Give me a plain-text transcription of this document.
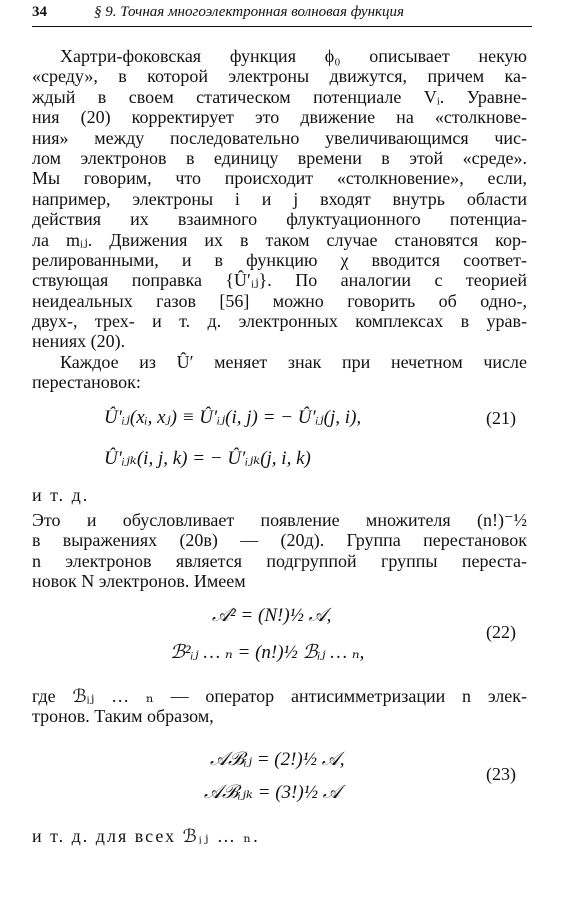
34	§ 9. Точная многоэлектронная волновая функция
Хартри-фоковская функция ϕ₀ описывает некую
«среду», в которой электроны движутся, причем ка-
ждый в своем статическом потенциале Vᵢ. Уравне-
ния (20) корректирует это движение на «столкнове-
ния» между последовательно увеличивающимся чис-
лом электронов в единицу времени в этой «среде».
Мы говорим, что происходит «столкновение», если,
например, электроны i и j входят внутрь области
действия их взаимного флуктуационного потенциа-
ла mᵢⱼ. Движения их в таком случае становятся кор-
релированными, и в функцию χ вводится соответ-
ствующая поправка {Û′ᵢⱼ}. По аналогии с теорией
неидеальных газов [56] можно говорить об одно-,
двух-, трех- и т. д. электронных комплексах в урав-
нениях (20).
Каждое из Û′ меняет знак при нечетном числе
перестановок:
Û′ᵢⱼ(xᵢ, xⱼ) ≡ Û′ᵢⱼ(i, j) = − Û′ᵢⱼ(j, i),	(21)
Û′ᵢⱼₖ(i, j, k) = − Û′ᵢⱼₖ(j, i, k)
и т. д.
Это и обусловливает появление множителя (n!)⁻½
в выражениях (20в) — (20д). Группа перестановок
n электронов является подгруппой группы переста-
новок N электронов. Имеем
𝒜² = (N!)½ 𝒜,
(22)
ℬ²ᵢⱼ … ₙ = (n!)½ ℬᵢⱼ … ₙ,
где ℬᵢⱼ … ₙ — оператор антисимметризации n элек-
тронов. Таким образом,
𝒜ℬᵢⱼ = (2!)½ 𝒜,
(23)
𝒜ℬᵢⱼₖ = (3!)½ 𝒜
и т. д. для всех ℬᵢⱼ … ₙ.
